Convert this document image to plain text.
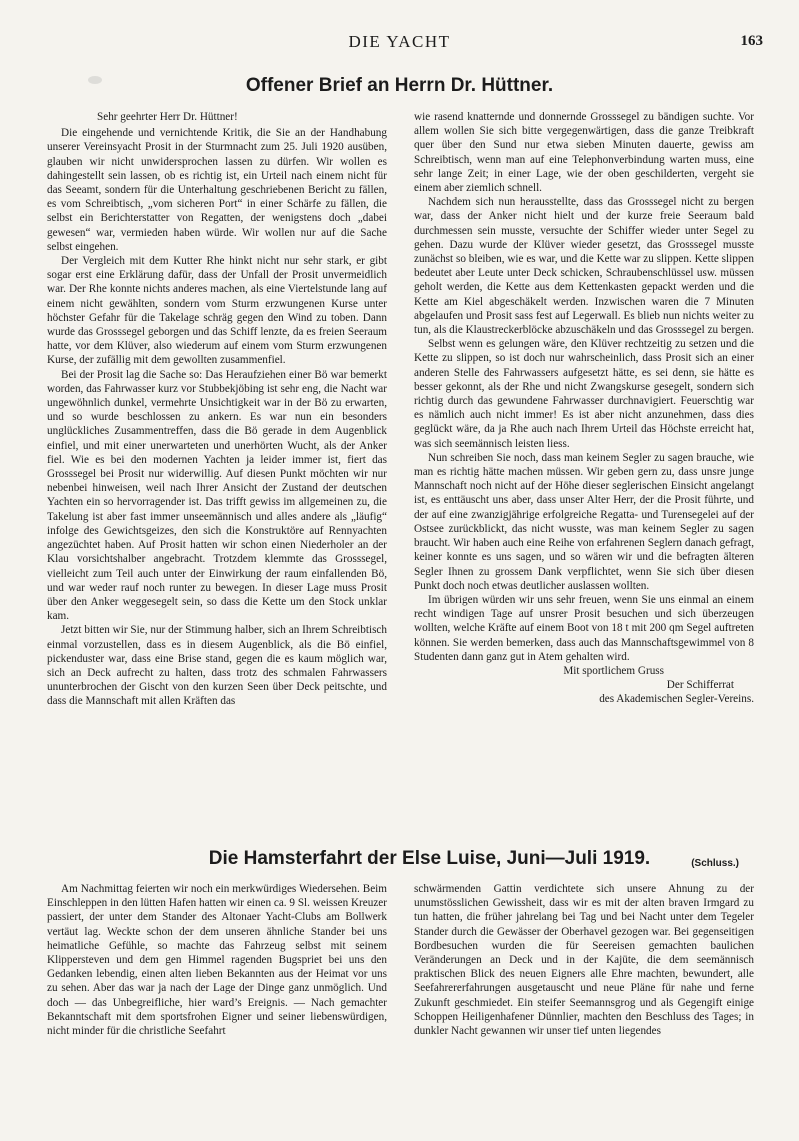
DIE YACHT	163
Offener Brief an Herrn Dr. Hüttner.

Sehr geehrter Herr Dr. Hüttner!

Die eingehende und vernichtende Kritik, die Sie an der Handhabung unserer Vereinsyacht Prosit in der Sturmnacht zum 25. Juli 1920 ausüben, glauben wir nicht unwidersprochen lassen zu dürfen. Wir wollen es dahingestellt sein lassen, ob es richtig ist, ein Urteil nach einem nicht für das Seeamt, sondern für die Unterhaltung geschriebenen Bericht zu fällen, es vom Schreibtisch, „vom sicheren Port“ in einer Schärfe zu fällen, die selbst ein Berichterstatter von Regatten, der wenigstens doch „dabei gewesen“ war, vermieden haben würde. Wir wollen nur auf die Sache selbst eingehen.

Der Vergleich mit dem Kutter Rhe hinkt nicht nur sehr stark, er gibt sogar erst eine Erklärung dafür, dass der Unfall der Prosit unvermeidlich war. Der Rhe konnte nichts anderes machen, als eine Viertelstunde lang auf einem nicht gewählten, sondern vom Sturm erzwungenen Kurse unter höchster Gefahr für die Takelage schräg gegen den Wind zu toben. Dann wurde das Grosssegel geborgen und das Schiff lenzte, da es freien Seeraum hatte, vor dem Klüver, also wiederum auf einem vom Sturm erzwungenen Kurse, der zufällig mit dem gewollten zusammenfiel.

Bei der Prosit lag die Sache so: Das Heraufziehen einer Bö war bemerkt worden, das Fahrwasser kurz vor Stubbekjöbing ist sehr eng, die Nacht war ungewöhnlich dunkel, vermehrte Unsichtigkeit war in der Bö zu erwarten, und so wurde beschlossen zu ankern. Es war nun ein besonders unglückliches Zusammentreffen, dass die Bö gerade in dem Augenblick einfiel, und mit einer unerwarteten und unerhörten Wucht, als der Anker fiel. Wie es bei den modernen Yachten ja leider immer ist, fiert das Grosssegel bei Prosit nur widerwillig. Auf diesen Punkt möchten wir nur nebenbei hinweisen, weil nach Ihrer Ansicht der Zustand der deutschen Yachten ein so hervorragender ist. Das trifft gewiss im allgemeinen zu, die Takelung ist aber fast immer unseemännisch und alles andere als „läufig“ infolge des Gewichtsgeizes, den sich die Konstruktöre auf Rennyachten angezüchtet haben. Auf Prosit hatten wir schon einen Niederholer an der Klau vorsichtshalber angebracht. Trotzdem klemmte das Grosssegel, vielleicht zum Teil auch unter der Einwirkung der raum einfallenden Bö, und war weder rauf noch runter zu bewegen. In dieser Lage muss Prosit über den Anker weggesegelt sein, so dass die Kette um den Stock unklar kam.

Jetzt bitten wir Sie, nur der Stimmung halber, sich an Ihrem Schreibtisch einmal vorzustellen, dass es in diesem Augenblick, als die Bö einfiel, pickenduster war, dass eine Brise stand, gegen die es kaum möglich war, sich an Deck aufrecht zu halten, dass trotz des schmalen Fahrwassers ununterbrochen der Gischt von den kurzen Seen über Deck peitschte, und dass die Mannschaft mit allen Kräften das

wie rasend knatternde und donnernde Grosssegel zu bändigen suchte. Vor allem wollen Sie sich bitte vergegenwärtigen, dass die ganze Treibkraft quer über den Sund nur etwa sieben Minuten dauerte, gewiss am Schreibtisch, wenn man auf eine Telephonverbindung warten muss, eine sehr lange Zeit; in einer Lage, wie der oben geschilderten, vergeht sie einem aber ziemlich schnell.

Nachdem sich nun herausstellte, dass das Grosssegel nicht zu bergen war, dass der Anker nicht hielt und der kurze freie Seeraum bald durchmessen sein musste, versuchte der Schiffer wieder unter Segel zu gehen. Dazu wurde der Klüver wieder gesetzt, das Grosssegel musste zunächst so bleiben, wie es war, und die Kette war zu slippen. Kette slippen bedeutet aber Leute unter Deck schicken, Schraubenschlüssel usw. müssen geholt werden, die Kette aus dem Kettenkasten gepackt werden und die Kette am Kiel abgeschäkelt werden. Inzwischen waren die 7 Minuten abgelaufen und Prosit sass fest auf Legerwall. Es blieb nun nichts weiter zu tun, als die Klaustreckerblöcke abzuschäkeln und das Grosssegel zu bergen.

Selbst wenn es gelungen wäre, den Klüver rechtzeitig zu setzen und die Kette zu slippen, so ist doch nur wahrscheinlich, dass Prosit sich an einer anderen Stelle des Fahrwassers aufgesetzt hätte, es sei denn, sie hätte es besser gekonnt, als der Rhe und nicht Zwangskurse gesegelt, sondern sich richtig durch das gewundene Fahrwasser durchnavigiert. Feuerschtig war es nämlich auch nicht immer! Es ist aber nicht anzunehmen, dass dies geglückt wäre, da ja Rhe auch nach Ihrem Urteil das Höchste erreicht hat, was sich seemännisch leisten liess.

Nun schreiben Sie noch, dass man keinem Segler zu sagen brauche, wie man es richtig hätte machen müssen. Wir geben gern zu, dass unsre junge Mannschaft noch nicht auf der Höhe dieser seglerischen Einsicht angelangt ist, es enttäuscht uns aber, dass unser Alter Herr, der die Prosit führte, und der auf eine zwanzigjährige erfolgreiche Regatta- und Turensegelei auf der Ostsee zurückblickt, das nicht wusste, was man keinem Segler zu sagen braucht. Wir haben auch eine Reihe von erfahrenen Seglern danach gefragt, keiner konnte es uns sagen, und so wären wir und die befragten älteren Segler Ihnen zu grossem Dank verpflichtet, wenn Sie sich über diesen Punkt doch noch etwas deutlicher auslassen wollten.

Im übrigen würden wir uns sehr freuen, wenn Sie uns einmal an einem recht windigen Tage auf unsrer Prosit besuchen und sich überzeugen wollten, welche Kräfte auf einem Boot von 18 t mit 200 qm Segel auftreten können. Sie werden bemerken, dass auch das Mannschaftsgewimmel von 8 Studenten dann ganz gut in Atem gehalten wird.

Mit sportlichem Gruss
Der Schifferrat
des Akademischen Segler-Vereins.
Die Hamsterfahrt der Else Luise, Juni—Juli 1919.	(Schluss.)

Am Nachmittag feierten wir noch ein merkwürdiges Wiedersehen. Beim Einschleppen in den lütten Hafen hatten wir einen ca. 9 Sl. weissen Kreuzer passiert, der unter dem Stander des Altonaer Yacht-Clubs am Bollwerk vertäut lag. Weckte schon der dem unseren ähnliche Stander bei uns heimatliche Gefühle, so machte das Fahrzeug selbst mit seinem Klippersteven und dem gen Himmel ragenden Bugspriet bei uns den Gedanken lebendig, einen alten lieben Bekannten aus der Heimat vor uns zu sehen. Aber das war ja nach der Lage der Dinge ganz unmöglich. Und doch — das Unbegreifliche, hier ward’s Ereignis. — Nach gemachter Bekanntschaft mit dem sportsfrohen Eigner und seiner liebenswürdigen, nicht minder für die christliche Seefahrt

schwärmenden Gattin verdichtete sich unsere Ahnung zu der unumstösslichen Gewissheit, dass wir es mit der alten braven Irmgard zu tun hatten, die früher jahrelang bei Tag und bei Nacht unter dem Tegeler Stander durch die Gewässer der Oberhavel gezogen war. Bei gegenseitigen Bordbesuchen wurden die für Seereisen gemachten baulichen Veränderungen an Deck und in der Kajüte, die dem seemännisch praktischen Blick des neuen Eigners alle Ehre machten, bewundert, alle Seefahrererfahrungen ausgetauscht und neue Pläne für nahe und ferne Zukunft geschmiedet. Ein steifer Seemannsgrog und als Gegengift einige Schoppen Heiligenhafener Dünnlier, machten den Beschluss des Tages; in dunkler Nacht gewannen wir unser tief unten liegendes
